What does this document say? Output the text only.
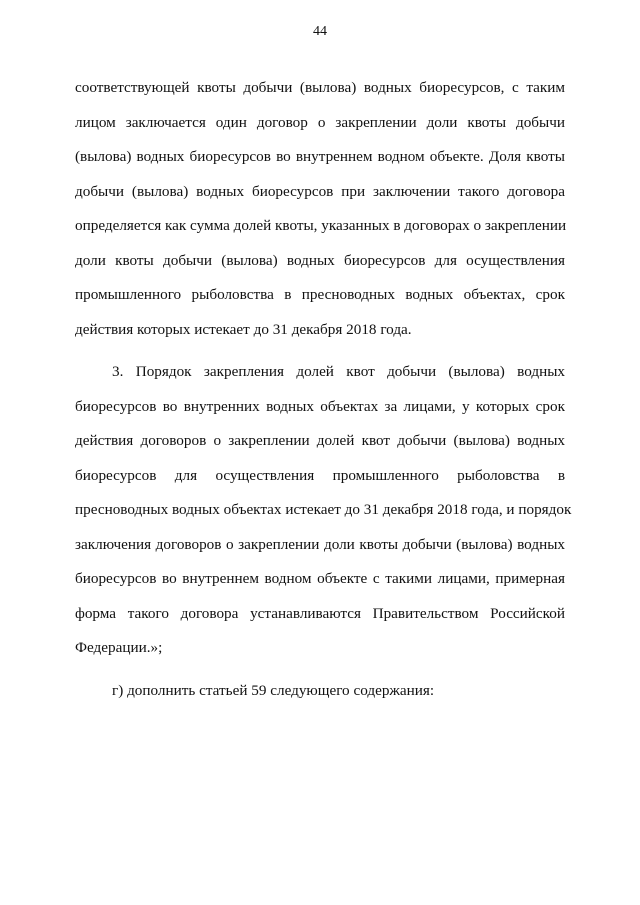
44
соответствующей квоты добычи (вылова) водных биоресурсов, с таким
лицом заключается один договор о закреплении доли квоты добычи
(вылова) водных биоресурсов во внутреннем водном объекте. Доля квоты
добычи (вылова) водных биоресурсов при заключении такого договора
определяется как сумма долей квоты, указанных в договорах о закреплении
доли квоты добычи (вылова) водных биоресурсов для осуществления
промышленного рыболовства в пресноводных водных объектах, срок
действия которых истекает до 31 декабря 2018 года.
3. Порядок закрепления долей квот добычи (вылова) водных
биоресурсов во внутренних водных объектах за лицами, у которых срок
действия договоров о закреплении долей квот добычи (вылова) водных
биоресурсов для осуществления промышленного рыболовства в
пресноводных водных объектах истекает до 31 декабря 2018 года, и порядок
заключения договоров о закреплении доли квоты добычи (вылова) водных
биоресурсов во внутреннем водном объекте с такими лицами, примерная
форма такого договора устанавливаются Правительством Российской
Федерации.»;
г) дополнить статьей 59 следующего содержания:
